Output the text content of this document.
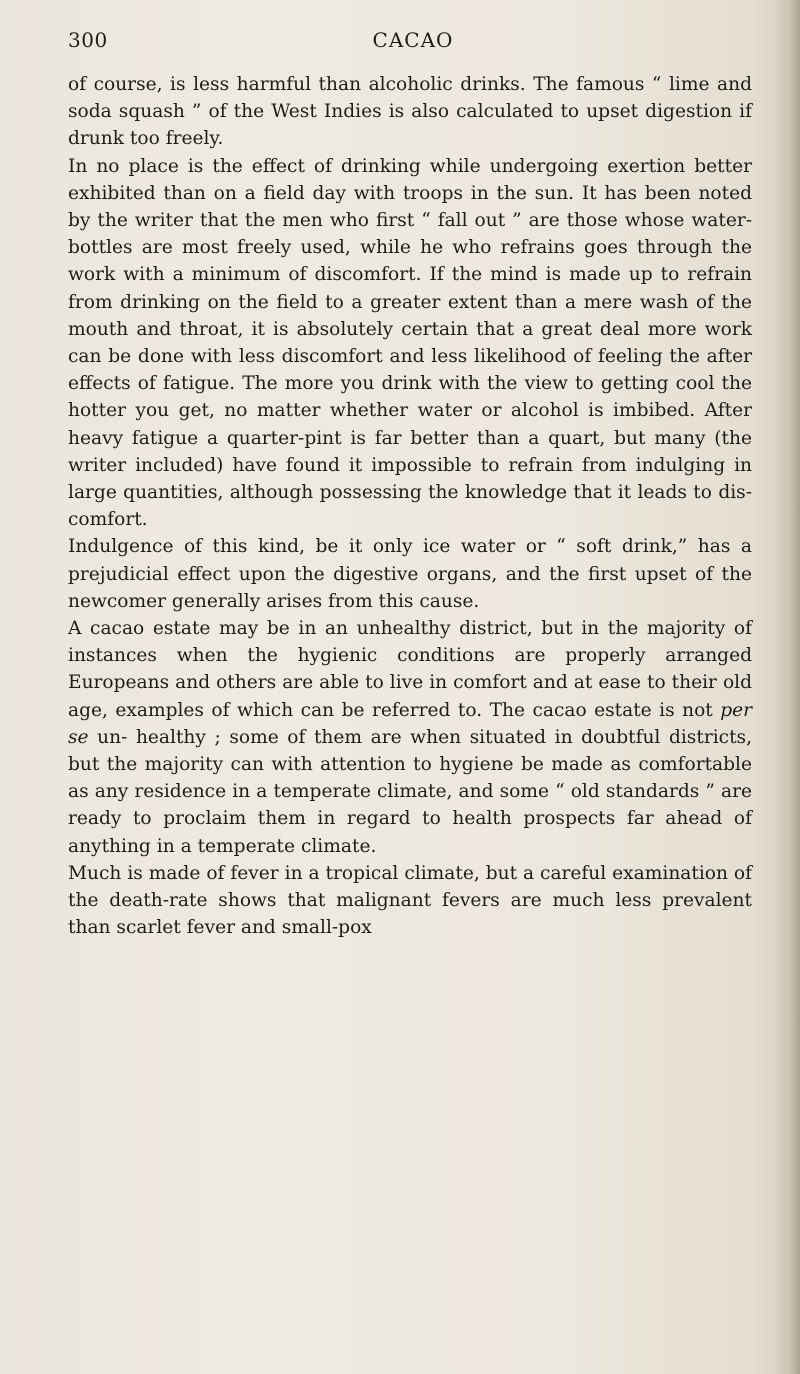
300	CACAO

of course, is less harmful than alcoholic drinks. The famous “ lime and soda squash ” of the West Indies is also calculated to upset digestion if drunk too freely.

In no place is the effect of drinking while undergoing exertion better exhibited than on a field day with troops in the sun. It has been noted by the writer that the men who first “ fall out ” are those whose water-bottles are most freely used, while he who refrains goes through the work with a minimum of discomfort. If the mind is made up to refrain from drinking on the field to a greater extent than a mere wash of the mouth and throat, it is absolutely certain that a great deal more work can be done with less discomfort and less likelihood of feeling the after effects of fatigue. The more you drink with the view to getting cool the hotter you get, no matter whether water or alcohol is imbibed. After heavy fatigue a quarter-pint is far better than a quart, but many (the writer included) have found it impossible to refrain from indulging in large quantities, although possessing the knowledge that it leads to dis- comfort.

Indulgence of this kind, be it only ice water or “ soft drink,” has a prejudicial effect upon the digestive organs, and the first upset of the newcomer generally arises from this cause.

A cacao estate may be in an unhealthy district, but in the majority of instances when the hygienic conditions are properly arranged Europeans and others are able to live in comfort and at ease to their old age, examples of which can be referred to. The cacao estate is not per se un- healthy ; some of them are when situated in doubtful districts, but the majority can with attention to hygiene be made as comfortable as any residence in a temperate climate, and some “ old standards ” are ready to proclaim them in regard to health prospects far ahead of anything in a temperate climate.

Much is made of fever in a tropical climate, but a careful examination of the death-rate shows that malignant fevers are much less prevalent than scarlet fever and small-pox
